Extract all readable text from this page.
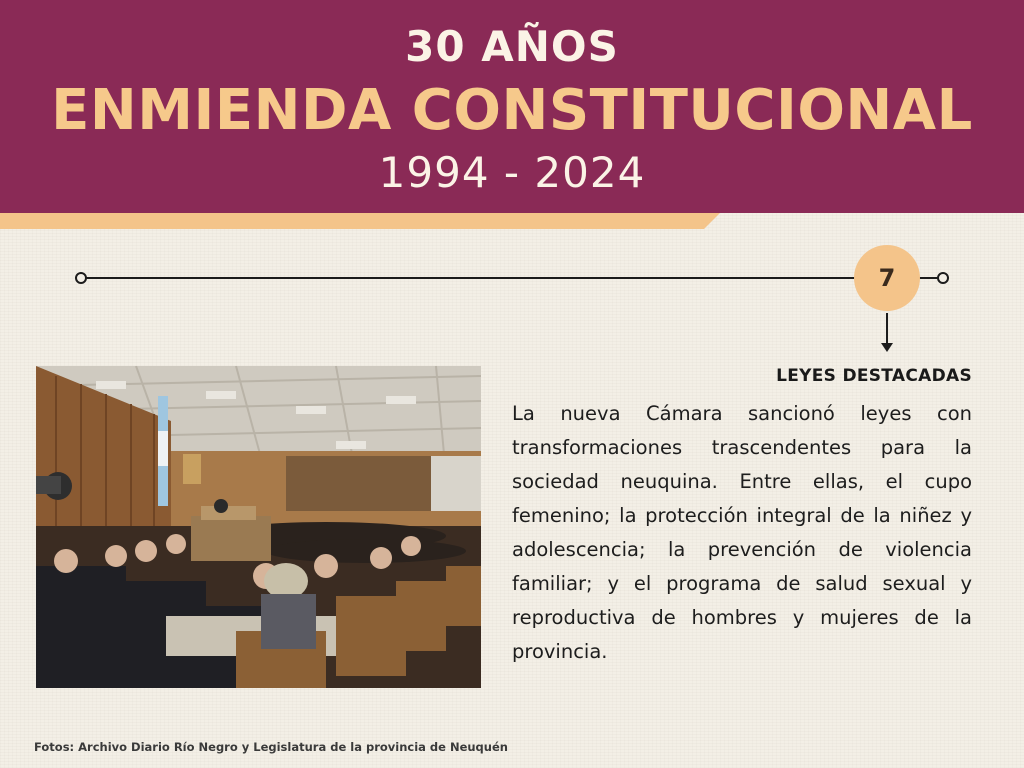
30 AÑOS
ENMIENDA CONSTITUCIONAL
1994 - 2024
7
LEYES DESTACADAS
La nueva Cámara sancionó leyes con transformaciones trascendentes para la sociedad neuquina. Entre ellas, el cupo femenino; la protección integral de la niñez y adolescencia; la prevención de violencia familiar; y el programa de salud sexual y reproductiva de hombres y mujeres de la provincia.
Fotos: Archivo Diario Río Negro y Legislatura de la provincia de Neuquén
